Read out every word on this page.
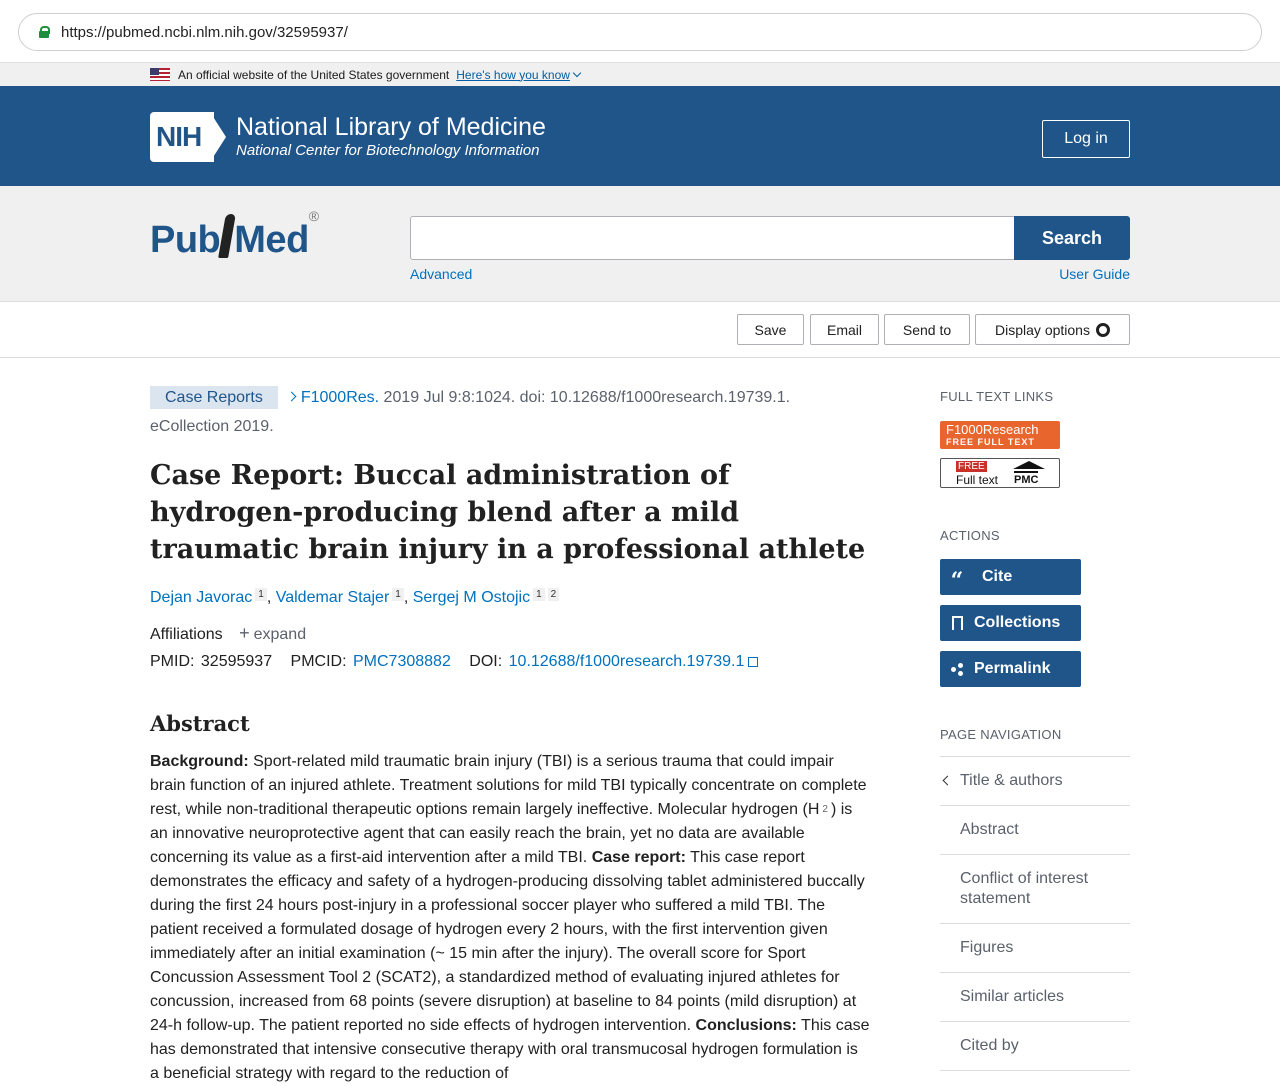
https://pubmed.ncbi.nlm.nih.gov/32595937/
An official website of the United States government Here's how you know
NIH National Library of Medicine
National Center for Biotechnology Information
Log in
Pub Med®
Search
Advanced	User Guide
Save	Email	Send to	Display options
Case Reports F1000Res. 2019 Jul 9:8:1024. doi: 10.12688/f1000research.19739.1.
eCollection 2019.
Case Report: Buccal administration of hydrogen-producing blend after a mild traumatic brain injury in a professional athlete
Dejan Javorac 1 , Valdemar Stajer 1 , Sergej M Ostojic 1 2
Affiliations + expand
PMID: 32595937 PMCID: PMC7308882 DOI: 10.12688/f1000research.19739.1
Abstract

Background: Sport-related mild traumatic brain injury (TBI) is a serious trauma that could impair brain function of an injured athlete. Treatment solutions for mild TBI typically concentrate on complete rest, while non-traditional therapeutic options remain largely ineffective. Molecular hydrogen (H 2 ) is an innovative neuroprotective agent that can easily reach the brain, yet no data are available concerning its value as a first-aid intervention after a mild TBI. Case report: This case report demonstrates the efficacy and safety of a hydrogen-producing dissolving tablet administered buccally during the first 24 hours post-injury in a professional soccer player who suffered a mild TBI. The patient received a formulated dosage of hydrogen every 2 hours, with the first intervention given immediately after an initial examination (~ 15 min after the injury). The overall score for Sport Concussion Assessment Tool 2 (SCAT2), a standardized method of evaluating injured athletes for concussion, increased from 68 points (severe disruption) at baseline to 84 points (mild disruption) at 24-h follow-up. The patient reported no side effects of hydrogen intervention. Conclusions: This case has demonstrated that intensive consecutive therapy with oral transmucosal hydrogen formulation is a beneficial strategy with regard to the reduction of

FULL TEXT LINKS
F1000Research
FREE FULL TEXT
FREE
Full text PMC
ACTIONS
“ Cite
Collections
Permalink
PAGE NAVIGATION
Title & authors
Abstract
Conflict of interest statement
Figures
Similar articles
Cited by
